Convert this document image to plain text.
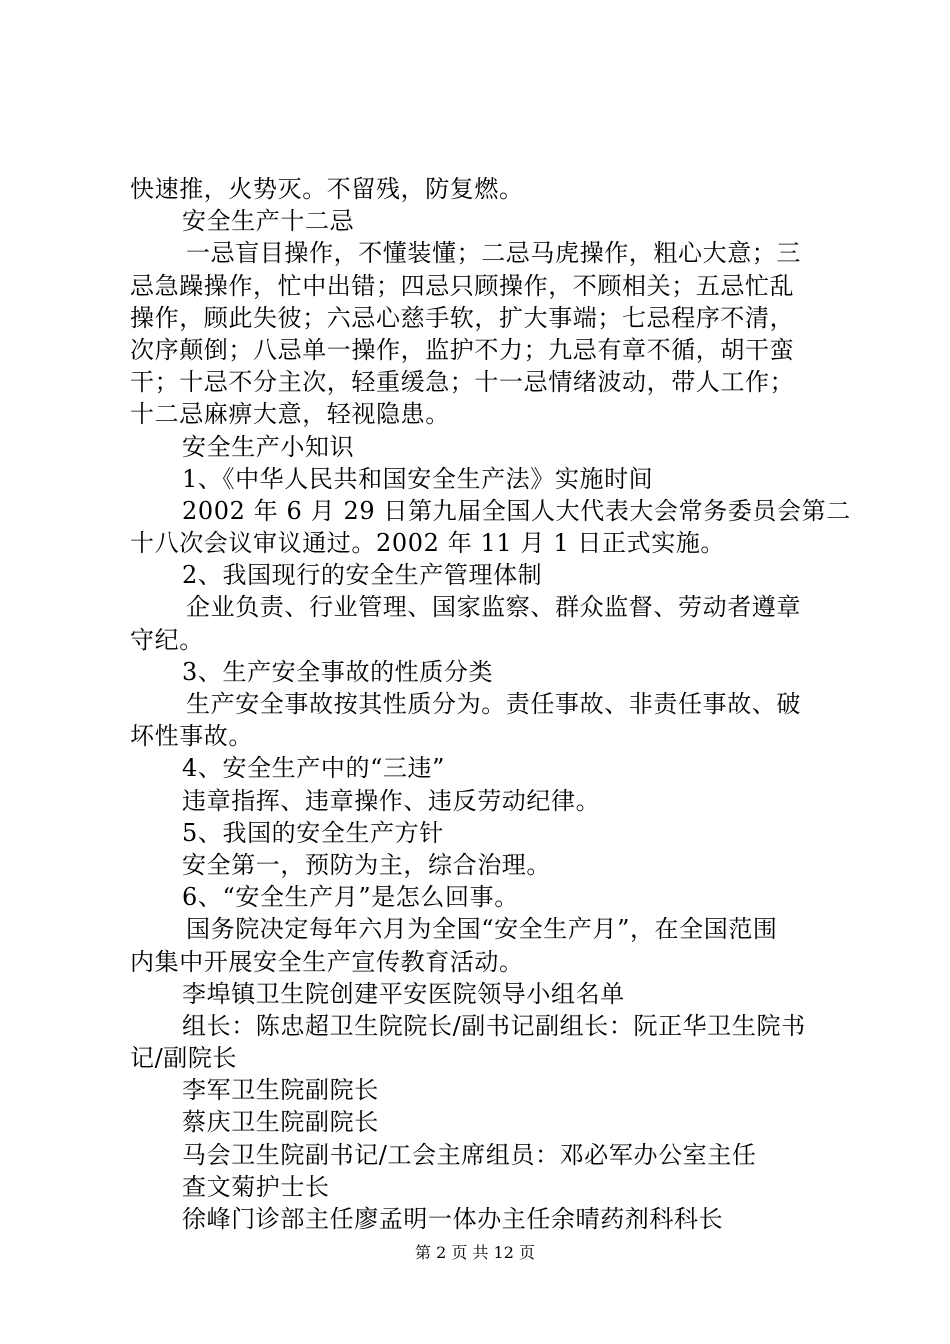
快速推，火势灭。不留残，防复燃。
安全生产十二忌
一忌盲目操作，不懂装懂；二忌马虎操作，粗心大意；三
忌急躁操作，忙中出错；四忌只顾操作，不顾相关；五忌忙乱
操作，顾此失彼；六忌心慈手软，扩大事端；七忌程序不清，
次序颠倒；八忌单一操作，监护不力；九忌有章不循，胡干蛮
干；十忌不分主次，轻重缓急；十一忌情绪波动，带人工作；
十二忌麻痹大意，轻视隐患。
安全生产小知识
1、《中华人民共和国安全生产法》实施时间
2002 年 6 月 29 日第九届全国人大代表大会常务委员会第二
十八次会议审议通过。2002 年 11 月 1 日正式实施。
2、我国现行的安全生产管理体制
企业负责、行业管理、国家监察、群众监督、劳动者遵章
守纪。
3、生产安全事故的性质分类
生产安全事故按其性质分为。责任事故、非责任事故、破
坏性事故。
4、安全生产中的“三违”
违章指挥、违章操作、违反劳动纪律。
5、我国的安全生产方针
安全第一，预防为主，综合治理。
6、“安全生产月”是怎么回事。
国务院决定每年六月为全国“安全生产月”，在全国范围
内集中开展安全生产宣传教育活动。
李埠镇卫生院创建平安医院领导小组名单
组长：陈忠超卫生院院长/副书记副组长：阮正华卫生院书
记/副院长
李军卫生院副院长
蔡庆卫生院副院长
马会卫生院副书记/工会主席组员：邓必军办公室主任
查文菊护士长
徐峰门诊部主任廖孟明一体办主任余晴药剂科科长
第 2 页 共 12 页
